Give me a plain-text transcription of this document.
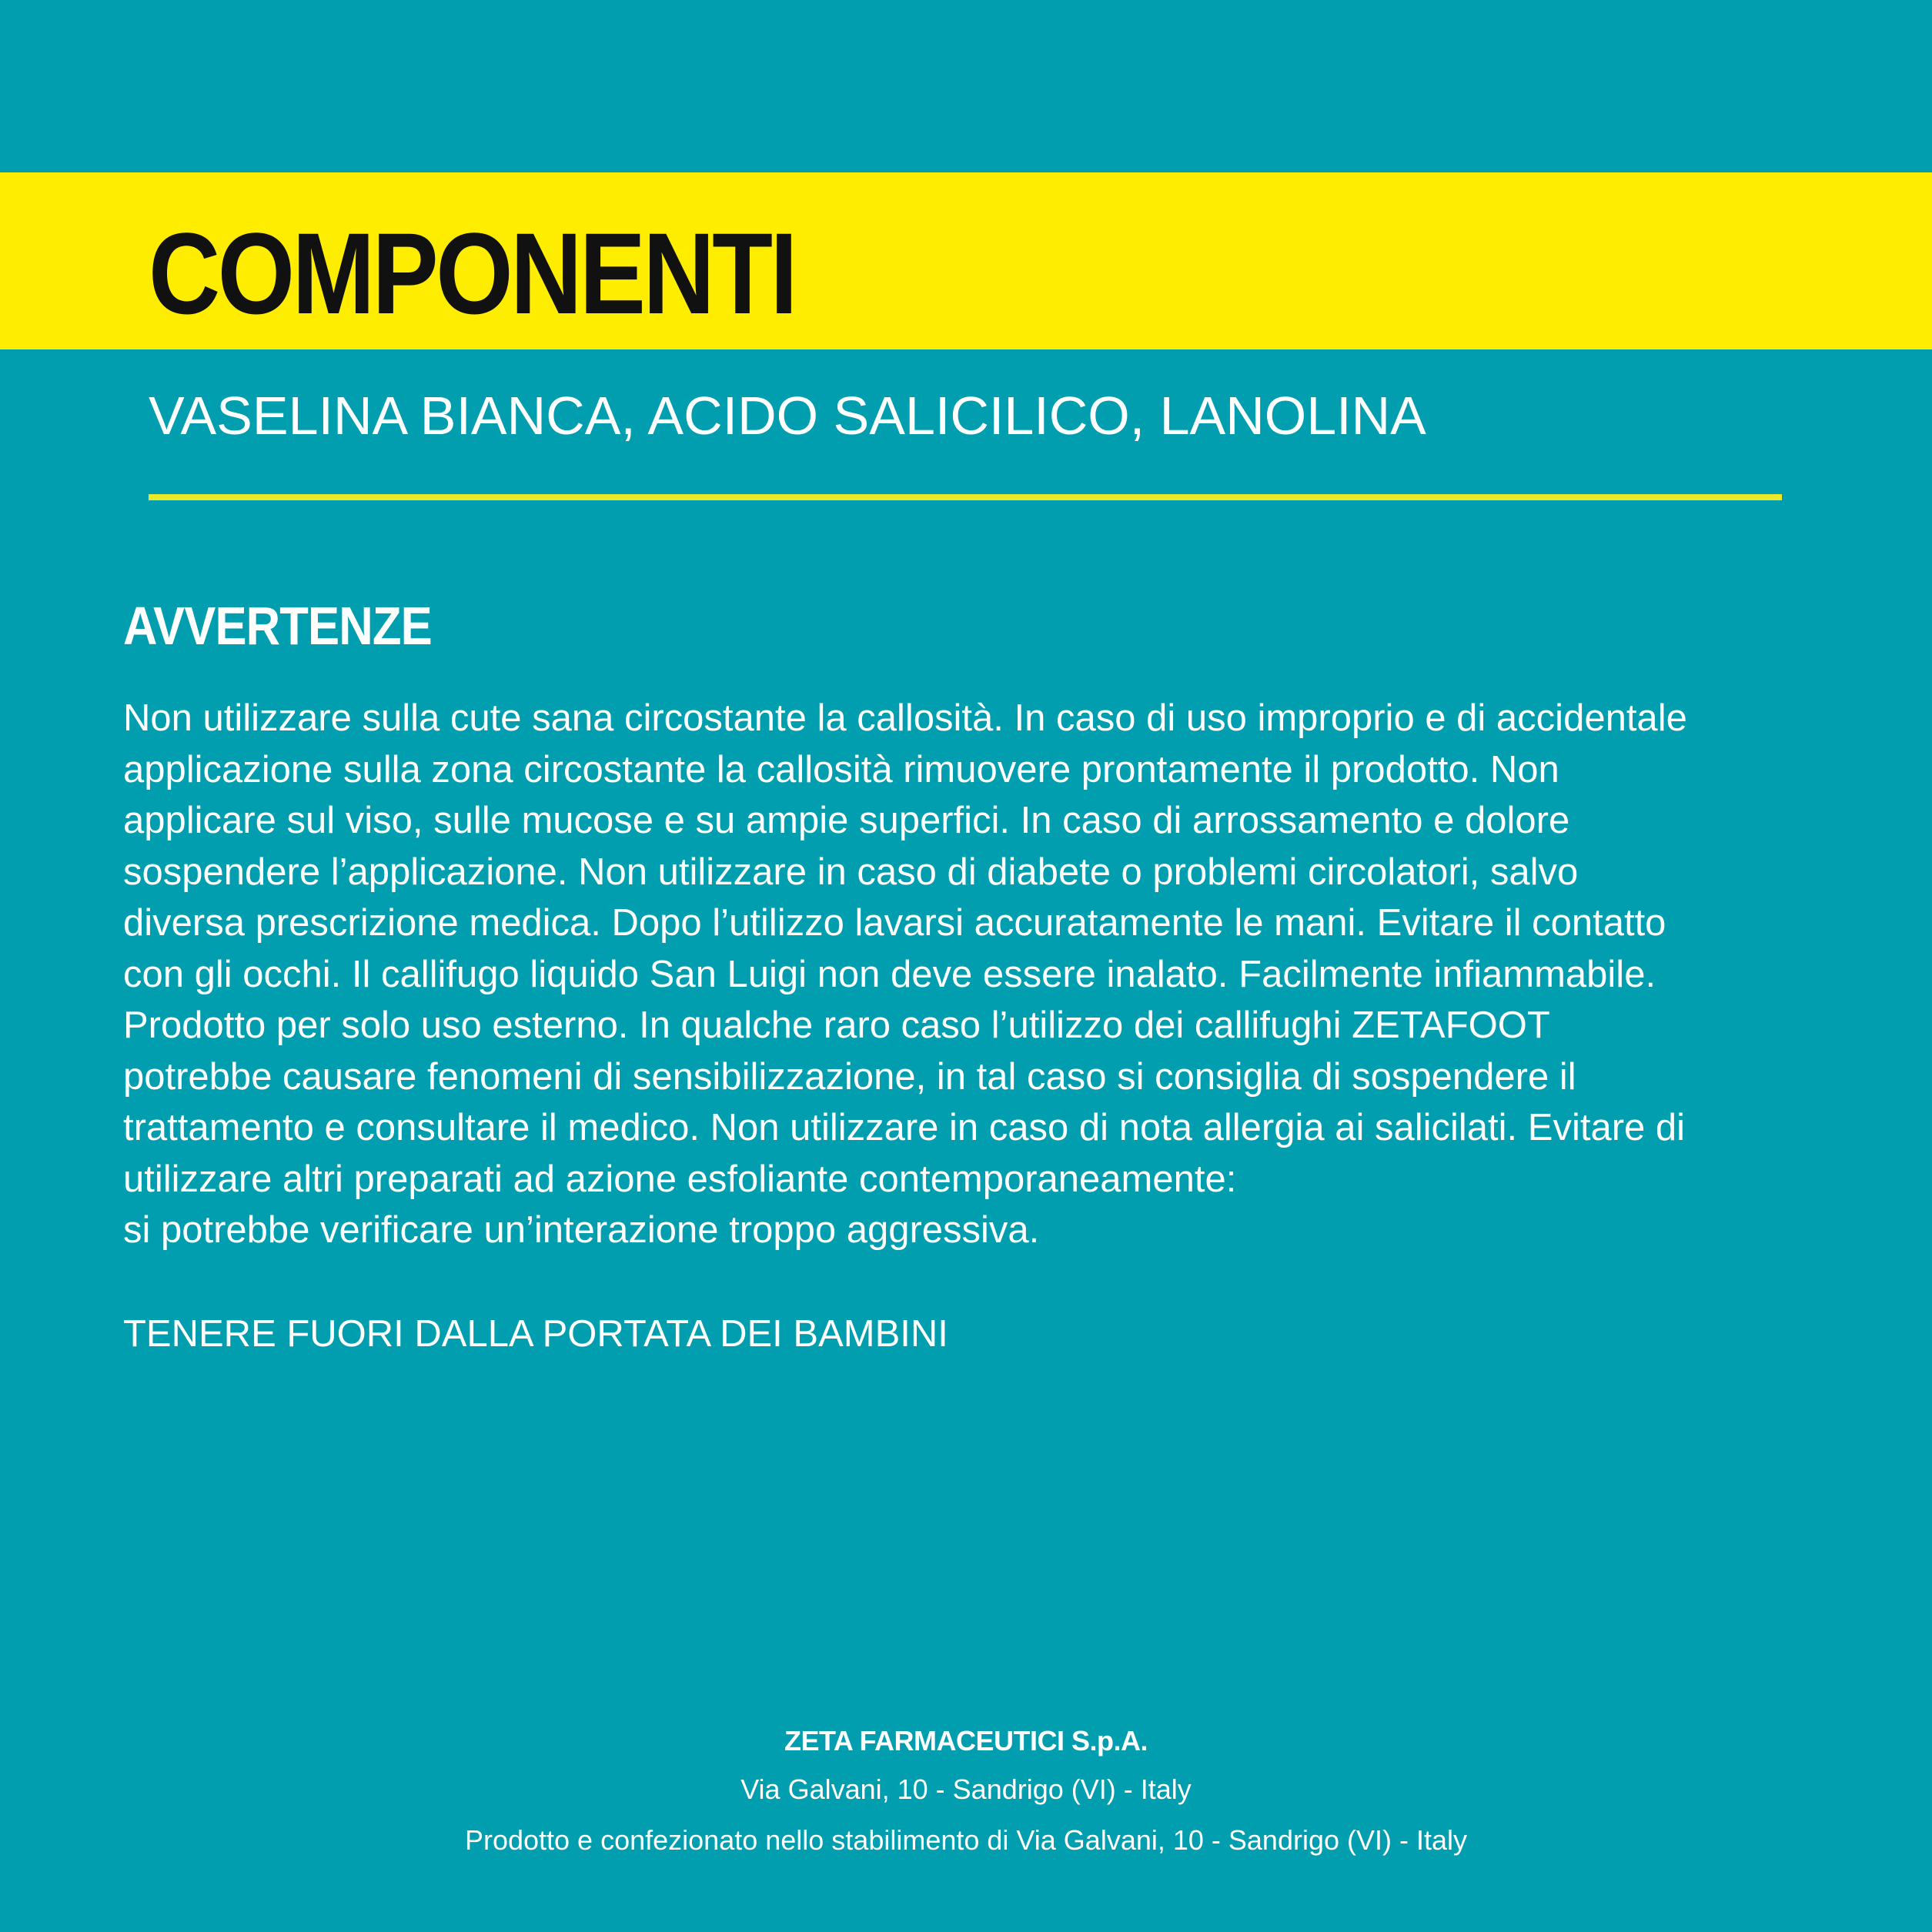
COMPONENTI

VASELINA BIANCA, ACIDO SALICILICO, LANOLINA

AVVERTENZE
Non utilizzare sulla cute sana circostante la callosità. In caso di uso improprio e di accidentale
applicazione sulla zona circostante la callosità rimuovere prontamente il prodotto. Non
applicare sul viso, sulle mucose e su ampie superfici. In caso di arrossamento e dolore
sospendere l’applicazione. Non utilizzare in caso di diabete o problemi circolatori, salvo
diversa prescrizione medica. Dopo l’utilizzo lavarsi accuratamente le mani. Evitare il contatto
con gli occhi. Il callifugo liquido San Luigi non deve essere inalato. Facilmente infiammabile.
Prodotto per solo uso esterno. In qualche raro caso l’utilizzo dei callifughi ZETAFOOT
potrebbe causare fenomeni di sensibilizzazione, in tal caso si consiglia di sospendere il
trattamento e consultare il medico. Non utilizzare in caso di nota allergia ai salicilati. Evitare di
utilizzare altri preparati ad azione esfoliante contemporaneamente:
si potrebbe verificare un’interazione troppo aggressiva.

TENERE FUORI DALLA PORTATA DEI BAMBINI

ZETA FARMACEUTICI S.p.A.
Via Galvani, 10 - Sandrigo (VI) - Italy
Prodotto e confezionato nello stabilimento di Via Galvani, 10 - Sandrigo (VI) - Italy
